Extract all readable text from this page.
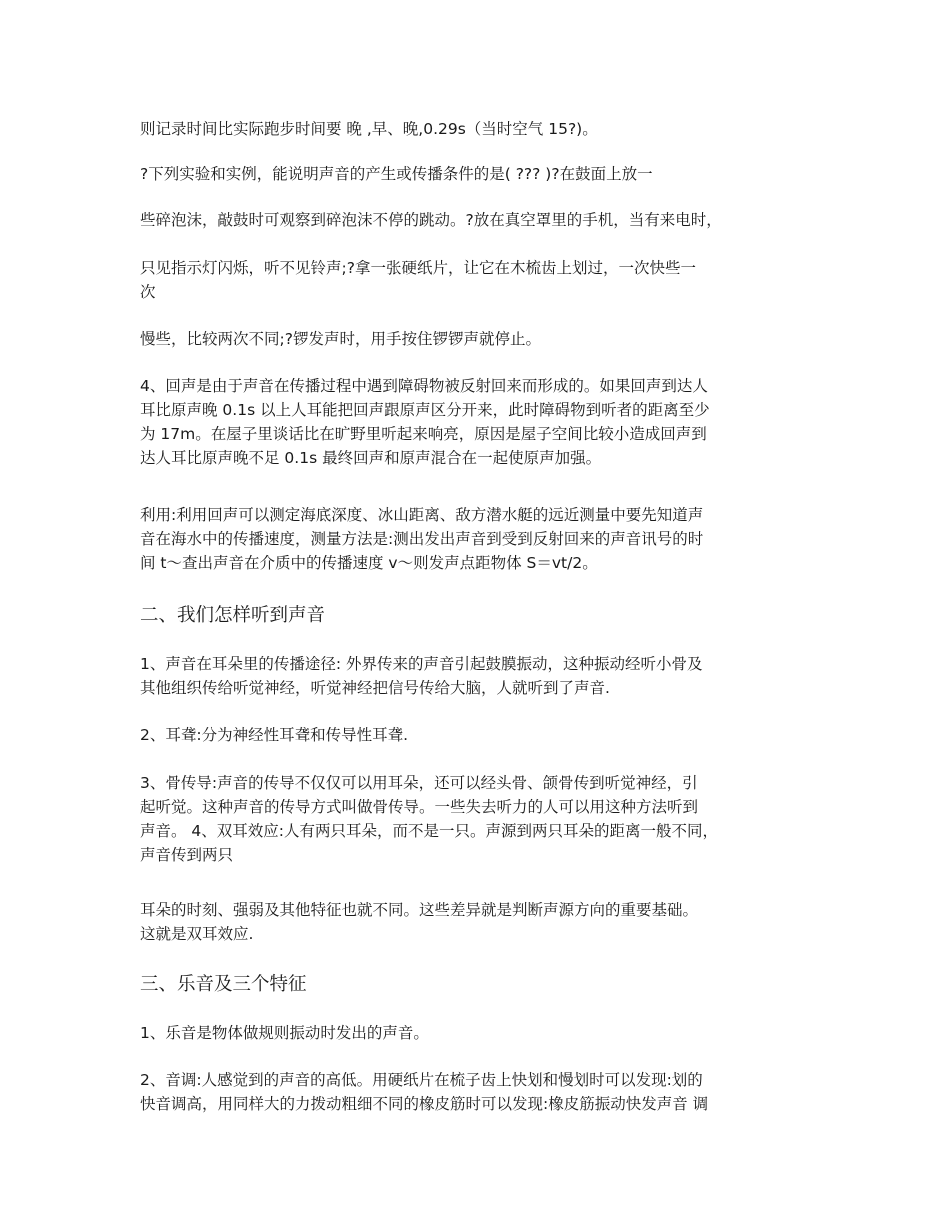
则记录时间比实际跑步时间要 晚 ,早、晚,0.29s（当时空气 15?)。
?下列实验和实例，能说明声音的产生或传播条件的是( ??? )?在鼓面上放一
些碎泡沫，敲鼓时可观察到碎泡沫不停的跳动。?放在真空罩里的手机，当有来电时，
只见指示灯闪烁，听不见铃声;?拿一张硬纸片，让它在木梳齿上划过，一次快些一
次
慢些，比较两次不同;?锣发声时，用手按住锣锣声就停止。
4、回声是由于声音在传播过程中遇到障碍物被反射回来而形成的。如果回声到达人
耳比原声晚 0.1s 以上人耳能把回声跟原声区分开来，此时障碍物到听者的距离至少
为 17m。在屋子里谈话比在旷野里听起来响亮，原因是屋子空间比较小造成回声到
达人耳比原声晚不足 0.1s 最终回声和原声混合在一起使原声加强。
利用:利用回声可以测定海底深度、冰山距离、敌方潜水艇的远近测量中要先知道声
音在海水中的传播速度，测量方法是:测出发出声音到受到反射回来的声音讯号的时
间 t～查出声音在介质中的传播速度 v～则发声点距物体 S＝vt/2。
二、我们怎样听到声音
1、声音在耳朵里的传播途径: 外界传来的声音引起鼓膜振动，这种振动经听小骨及
其他组织传给听觉神经，听觉神经把信号传给大脑，人就听到了声音.
2、耳聋:分为神经性耳聋和传导性耳聋.
3、骨传导:声音的传导不仅仅可以用耳朵，还可以经头骨、颌骨传到听觉神经，引
起听觉。这种声音的传导方式叫做骨传导。一些失去听力的人可以用这种方法听到
声音。 4、双耳效应:人有两只耳朵，而不是一只。声源到两只耳朵的距离一般不同，
声音传到两只
耳朵的时刻、强弱及其他特征也就不同。这些差异就是判断声源方向的重要基础。
这就是双耳效应.
三、乐音及三个特征
1、乐音是物体做规则振动时发出的声音。
2、音调:人感觉到的声音的高低。用硬纸片在梳子齿上快划和慢划时可以发现:划的
快音调高，用同样大的力拨动粗细不同的橡皮筋时可以发现:橡皮筋振动快发声音 调
